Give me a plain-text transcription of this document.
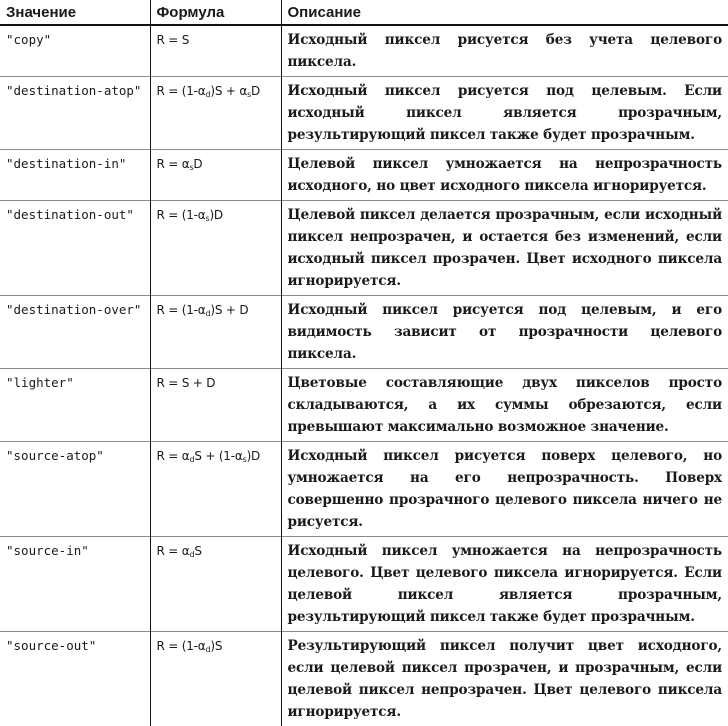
Значение	Формула	Описание
"copy"	R = S	Исходный пиксел рисуется без учета целевого пиксела.
"destination-atop"	$R = (1-\alpha_d)S + \alpha_sD$	Исходный пиксел рисуется под целевым. Если исходный пиксел является прозрачным, результирующий пиксел также будет прозрачным.
"destination-in"	$R = \alpha_sD$	Целевой пиксел умножается на непрозрачность исходного, но цвет исходного пиксела игнорируется.
"destination-out"	$R = (1-\alpha_s)D$	Целевой пиксел делается прозрачным, если исходный пиксел непрозрачен, и остается без изменений, если исходный пиксел прозрачен. Цвет исходного пиксела игнорируется.
"destination-over"	$R = (1-\alpha_d)S + D$	Исходный пиксел рисуется под целевым, и его видимость зависит от прозрачности целевого пиксела.
"lighter"	R = S + D	Цветовые составляющие двух пикселов просто складываются, а их суммы обрезаются, если превышают максимально возможное значение.
"source-atop"	$R = \alpha_dS + (1-\alpha_s)D$	Исходный пиксел рисуется поверх целевого, но умножается на его непрозрачность. Поверх совершенно прозрачного целевого пиксела ничего не рисуется.
"source-in"	$R = \alpha_dS$	Исходный пиксел умножается на непрозрачность целевого. Цвет целевого пиксела игнорируется. Если целевой пиксел является прозрачным, результирующий пиксел также будет прозрачным.
"source-out"	$R = (1-\alpha_d)S$	Результирующий пиксел получит цвет исходного, если целевой пиксел прозрачен, и прозрачным, если целевой пиксел непрозрачен. Цвет целевого пиксела игнорируется.
